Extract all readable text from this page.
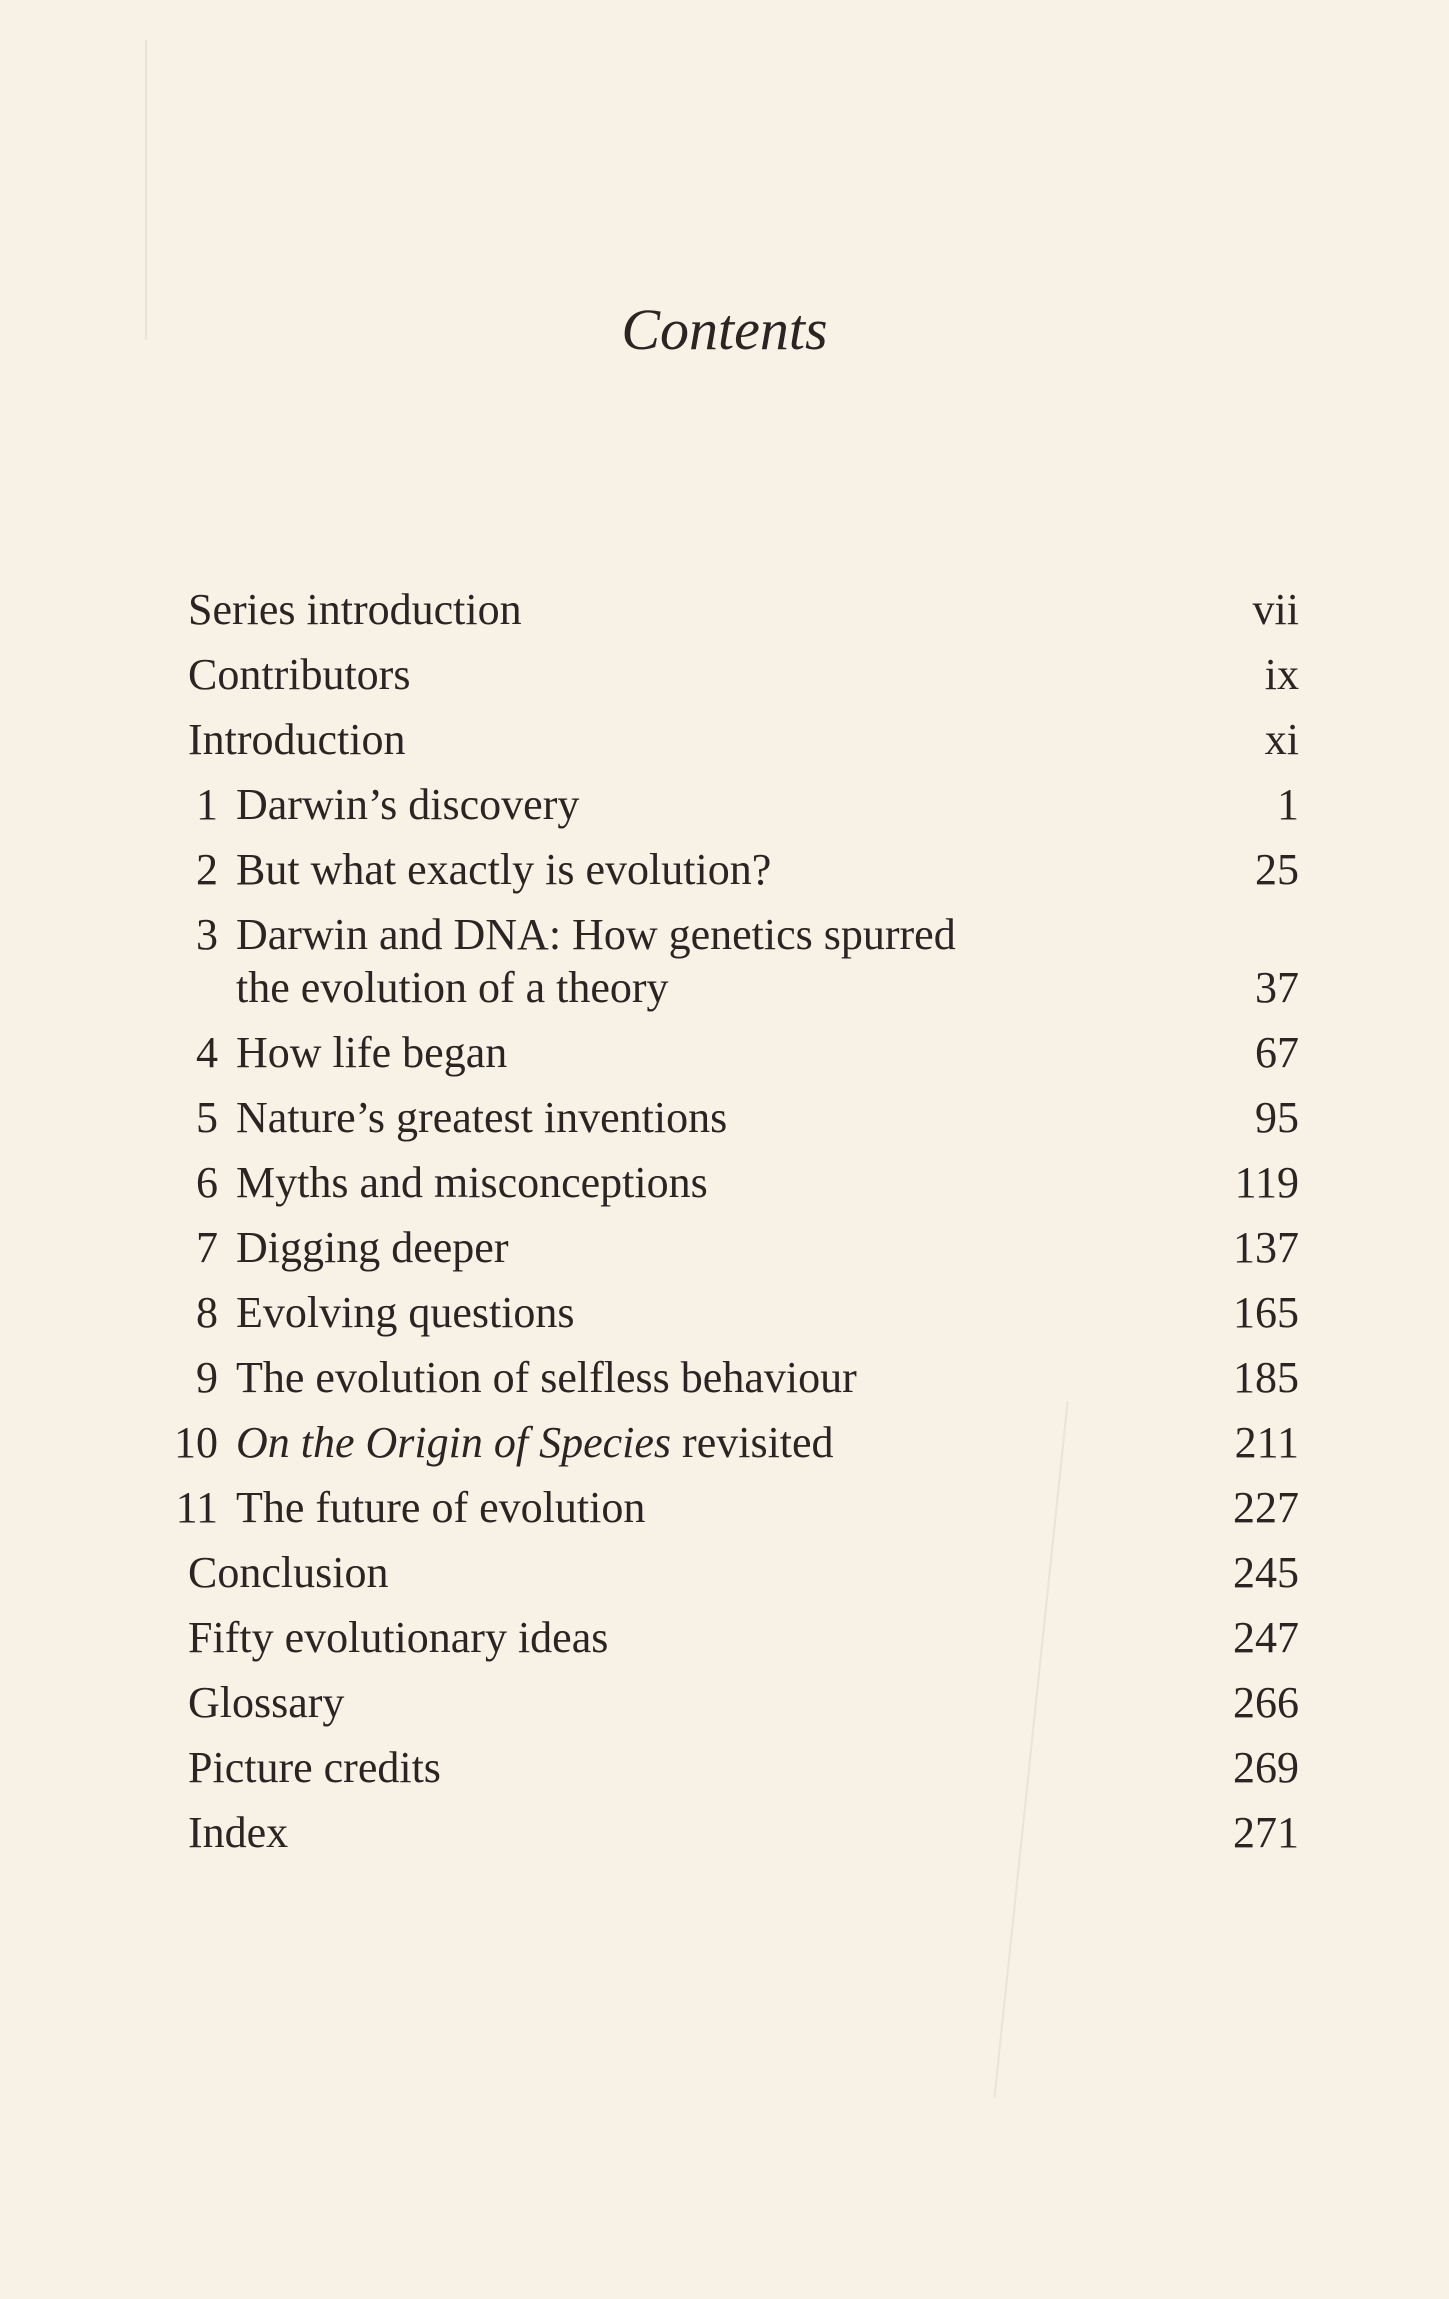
Contents
Series introduction	vii
Contributors	ix
Introduction	xi
1 Darwin’s discovery	1
2 But what exactly is evolution?	25
3 Darwin and DNA: How genetics spurred
the evolution of a theory	37
4 How life began	67
5 Nature’s greatest inventions	95
6 Myths and misconceptions	119
7 Digging deeper	137
8 Evolving questions	165
9 The evolution of selfless behaviour	185
10 On the Origin of Species revisited	211
11 The future of evolution	227
Conclusion	245
Fifty evolutionary ideas	247
Glossary	266
Picture credits	269
Index	271
